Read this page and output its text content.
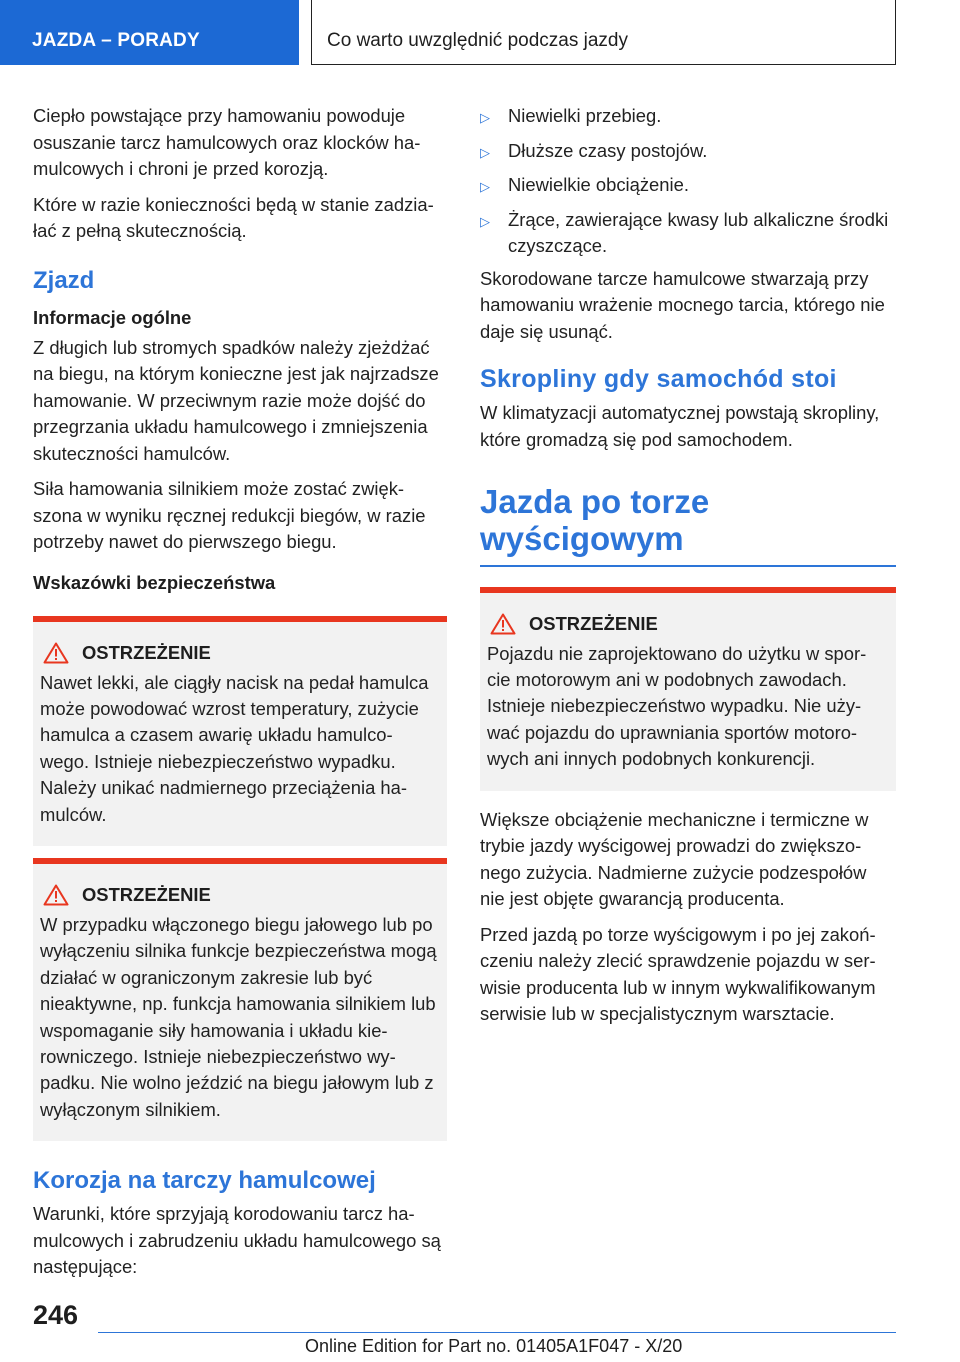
JAZDA – PORADY	Co warto uwzględnić podczas jazdy

Ciepło powstające przy hamowaniu powoduje osuszanie tarcz hamulcowych oraz klocków ha‐mulcowych i chroni je przed korozją.

Które w razie konieczności będą w stanie zadzia‐łać z pełną skutecznością.

Zjazd
Informacje ogólne

Z długich lub stromych spadków należy zjeżdżać na biegu, na którym konieczne jest jak najrzadsze hamowanie. W przeciwnym razie może dojść do przegrzania układu hamulcowego i zmniejszenia skuteczności hamulców.

Siła hamowania silnikiem może zostać zwięk‐szona w wyniku ręcznej redukcji biegów, w razie potrzeby nawet do pierwszego biegu.

Wskazówki bezpieczeństwa
OSTRZEŻENIE

Nawet lekki, ale ciągły nacisk na pedał hamulca może powodować wzrost temperatury, zużycie hamulca a czasem awarię układu hamulco‐wego. Istnieje niebezpieczeństwo wypadku. Należy unikać nadmiernego przeciążenia ha‐mulców.

OSTRZEŻENIE

W przypadku włączonego biegu jałowego lub po wyłączeniu silnika funkcje bezpieczeństwa mogą działać w ograniczonym zakresie lub być nieaktywne, np. funkcja hamowania silnikiem lub wspomaganie siły hamowania i układu kie‐rowniczego. Istnieje niebezpieczeństwo wy‐padku. Nie wolno jeździć na biegu jałowym lub z wyłączonym silnikiem.

Korozja na tarczy hamulcowej

Warunki, które sprzyjają korodowaniu tarcz ha‐mulcowych i zabrudzeniu układu hamulcowego są następujące:

▷ Niewielki przebieg.
▷ Dłuższe czasy postojów.
▷ Niewielkie obciążenie.
▷ Żrące, zawierające kwasy lub alkaliczne środki czyszczące.

Skorodowane tarcze hamulcowe stwarzają przy hamowaniu wrażenie mocnego tarcia, którego nie daje się usunąć.

Skropliny gdy samochód stoi

W klimatyzacji automatycznej powstają skropliny, które gromadzą się pod samochodem.

Jazda po torze
wyścigowym
OSTRZEŻENIE

Pojazdu nie zaprojektowano do użytku w spor‐cie motorowym ani w podobnych zawodach. Istnieje niebezpieczeństwo wypadku. Nie uży‐wać pojazdu do uprawniania sportów motoro‐wych ani innych podobnych konkurencji.

Większe obciążenie mechaniczne i termiczne w trybie jazdy wyścigowej prowadzi do zwiększo‐nego zużycia. Nadmierne zużycie podzespołów nie jest objęte gwarancją producenta.

Przed jazdą po torze wyścigowym i po jej zakoń‐czeniu należy zlecić sprawdzenie pojazdu w ser‐wisie producenta lub w innym wykwalifikowanym serwisie lub w specjalistycznym warsztacie.

246
Online Edition for Part no. 01405A1F047 - X/20
